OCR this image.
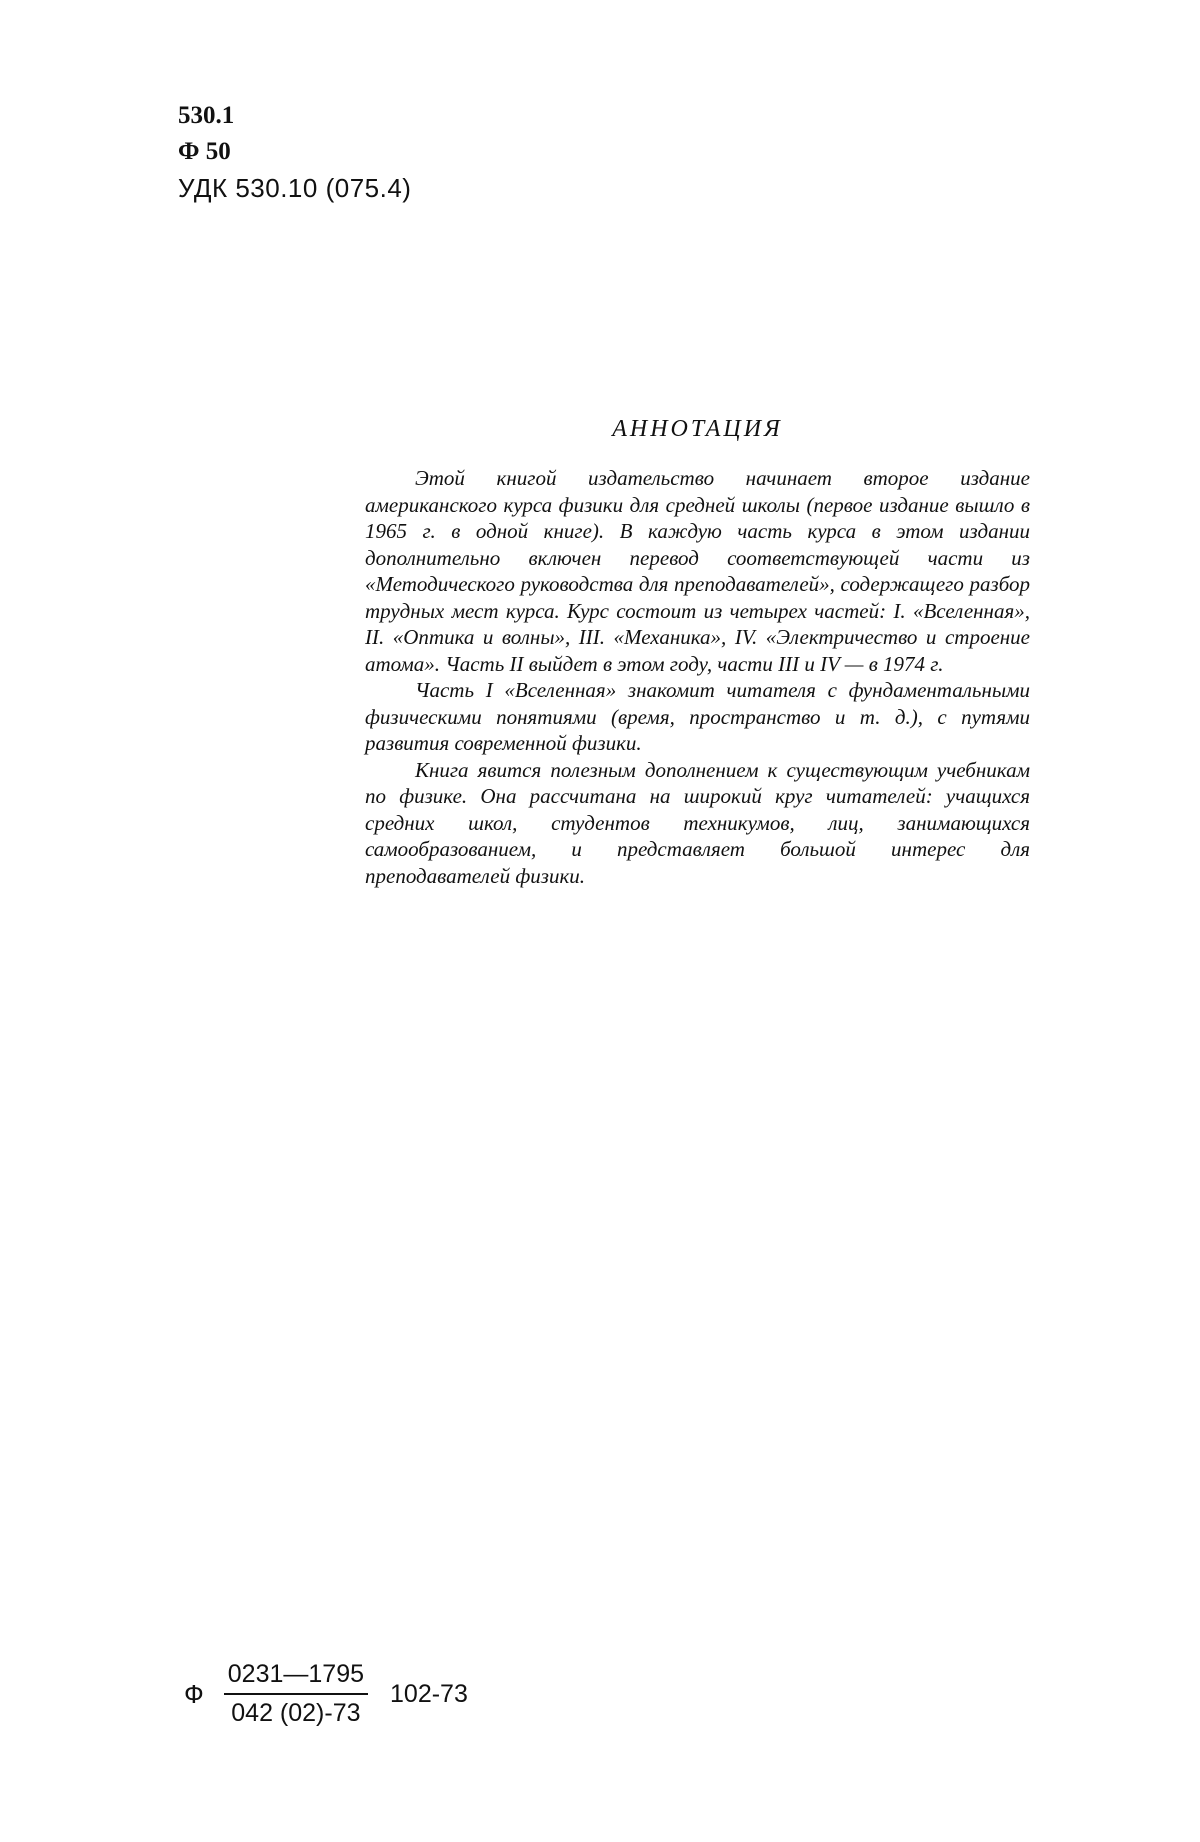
530.1
Ф 50
УДК 530.10 (075.4)
АННОТАЦИЯ

Этой книгой издательство начинает второе издание американского курса физики для средней школы (первое издание вышло в 1965 г. в одной книге). В каждую часть курса в этом издании дополнительно включен перевод соответствующей части из «Методического руководства для преподавателей», содержащего разбор трудных мест курса. Курс состоит из четырех частей: I. «Вселенная», II. «Оптика и волны», III. «Механика», IV. «Электричество и строение атома». Часть II выйдет в этом году, части III и IV — в 1974 г.

Часть I «Вселенная» знакомит читателя с фундаментальными физическими понятиями (время, пространство и т. д.), с путями развития современной физики.

Книга явится полезным дополнением к существующим учебникам по физике. Она рассчитана на широкий круг читателей: учащихся средних школ, студентов техникумов, лиц, занимающихся самообразованием, и представляет большой интерес для преподавателей физики.

Ф $\frac{0231—1795}{042 (02)-73} 102-73$
